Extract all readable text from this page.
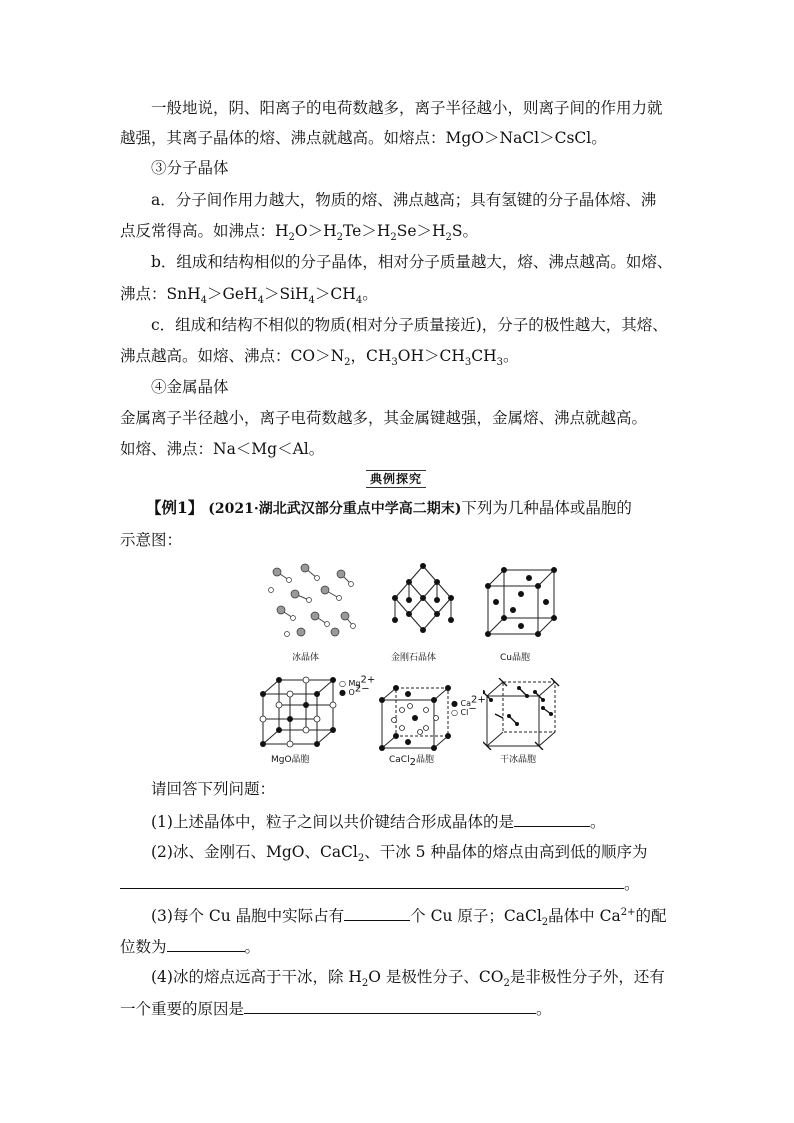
一般地说，阴、阳离子的电荷数越多，离子半径越小，则离子间的作用力就
越强，其离子晶体的熔、沸点就越高。如熔点：MgO＞NaCl＞CsCl。
③分子晶体
a．分子间作用力越大，物质的熔、沸点越高；具有氢键的分子晶体熔、沸
点反常得高。如沸点：$H_2O>H_2Te>H_2Se>H_2S$。
b．组成和结构相似的分子晶体，相对分子质量越大，熔、沸点越高。如熔、
沸点：$SnH_4>GeH_4>SiH_4>CH_4$。
c．组成和结构不相似的物质(相对分子质量接近)，分子的极性越大，其熔、
沸点越高。如熔、沸点：$CO>N_2$，$CH_3OH>CH_3CH_3$。
④金属晶体
金属离子半径越小，离子电荷数越多，其金属键越强，金属熔、沸点就越高。
如熔、沸点：Na＜Mg＜Al。
典例探究
【例1】 (2021·湖北武汉部分重点中学高二期末)下列为几种晶体或晶胞的
示意图：
冰晶体	金刚石晶体	Cu晶胞
○ $Mg^{2+}$
● $O^{2-}$
MgO晶胞
● $Ca^{2+}$
○ Cl−
CaCl$_2$晶胞	干冰晶胞
请回答下列问题：
(1)上述晶体中，粒子之间以共价键结合形成晶体的是	。
(2)冰、金刚石、MgO、CaCl$_2$、干冰 5 种晶体的熔点由高到低的顺序为
。
(3)每个 Cu 晶胞中实际占有	个 Cu 原子；CaCl$_2$晶体中 $Ca^{2+}$的配
位数为	。
(4)冰的熔点远高于干冰，除 $H_2O$ 是极性分子、$CO_2$是非极性分子外，还有
一个重要的原因是	。
